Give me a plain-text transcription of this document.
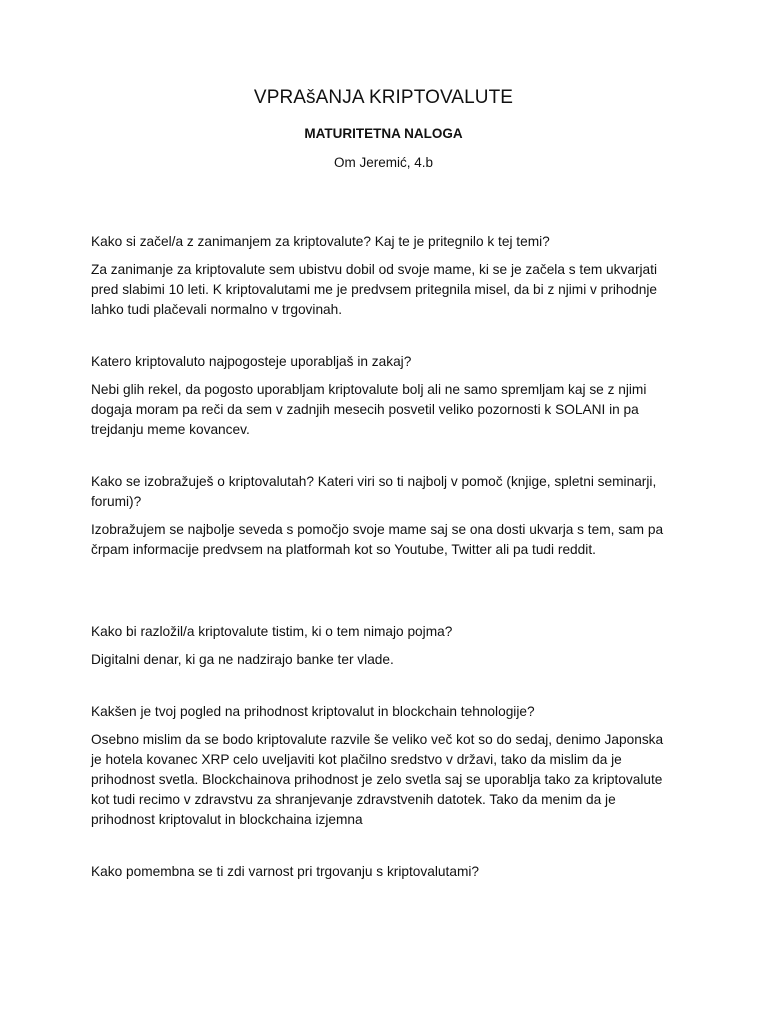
VPRAšANJA KRIPTOVALUTE
MATURITETNA NALOGA
Om Jeremić, 4.b

Kako si začel/a z zanimanjem za kriptovalute? Kaj te je pritegnilo k tej temi?

Za zanimanje za kriptovalute sem ubistvu dobil od svoje mame, ki se je začela s tem ukvarjati pred slabimi 10 leti. K kriptovalutami me je predvsem pritegnila misel, da bi z njimi v prihodnje lahko tudi plačevali normalno v trgovinah.

Katero kriptovaluto najpogosteje uporabljaš in zakaj?

Nebi glih rekel, da pogosto uporabljam kriptovalute bolj ali ne samo spremljam kaj se z njimi dogaja moram pa reči da sem v zadnjih mesecih posvetil veliko pozornosti k SOLANI in pa trejdanju meme kovancev.

Kako se izobražuješ o kriptovalutah? Kateri viri so ti najbolj v pomoč (knjige, spletni seminarji, forumi)?

Izobražujem se najbolje seveda s pomočjo svoje mame saj se ona dosti ukvarja s tem, sam pa črpam informacije predvsem na platformah kot so Youtube, Twitter ali pa tudi reddit.

Kako bi razložil/a kriptovalute tistim, ki o tem nimajo pojma?

Digitalni denar, ki ga ne nadzirajo banke ter vlade.

Kakšen je tvoj pogled na prihodnost kriptovalut in blockchain tehnologije?

Osebno mislim da se bodo kriptovalute razvile še veliko več kot so do sedaj, denimo Japonska je hotela kovanec XRP celo uveljaviti kot plačilno sredstvo v državi, tako da mislim da je prihodnost svetla. Blockchainova prihodnost je zelo svetla saj se uporablja tako za kriptovalute kot tudi recimo v zdravstvu za shranjevanje zdravstvenih datotek. Tako da menim da je prihodnost kriptovalut in blockchaina izjemna

Kako pomembna se ti zdi varnost pri trgovanju s kriptovalutami?
